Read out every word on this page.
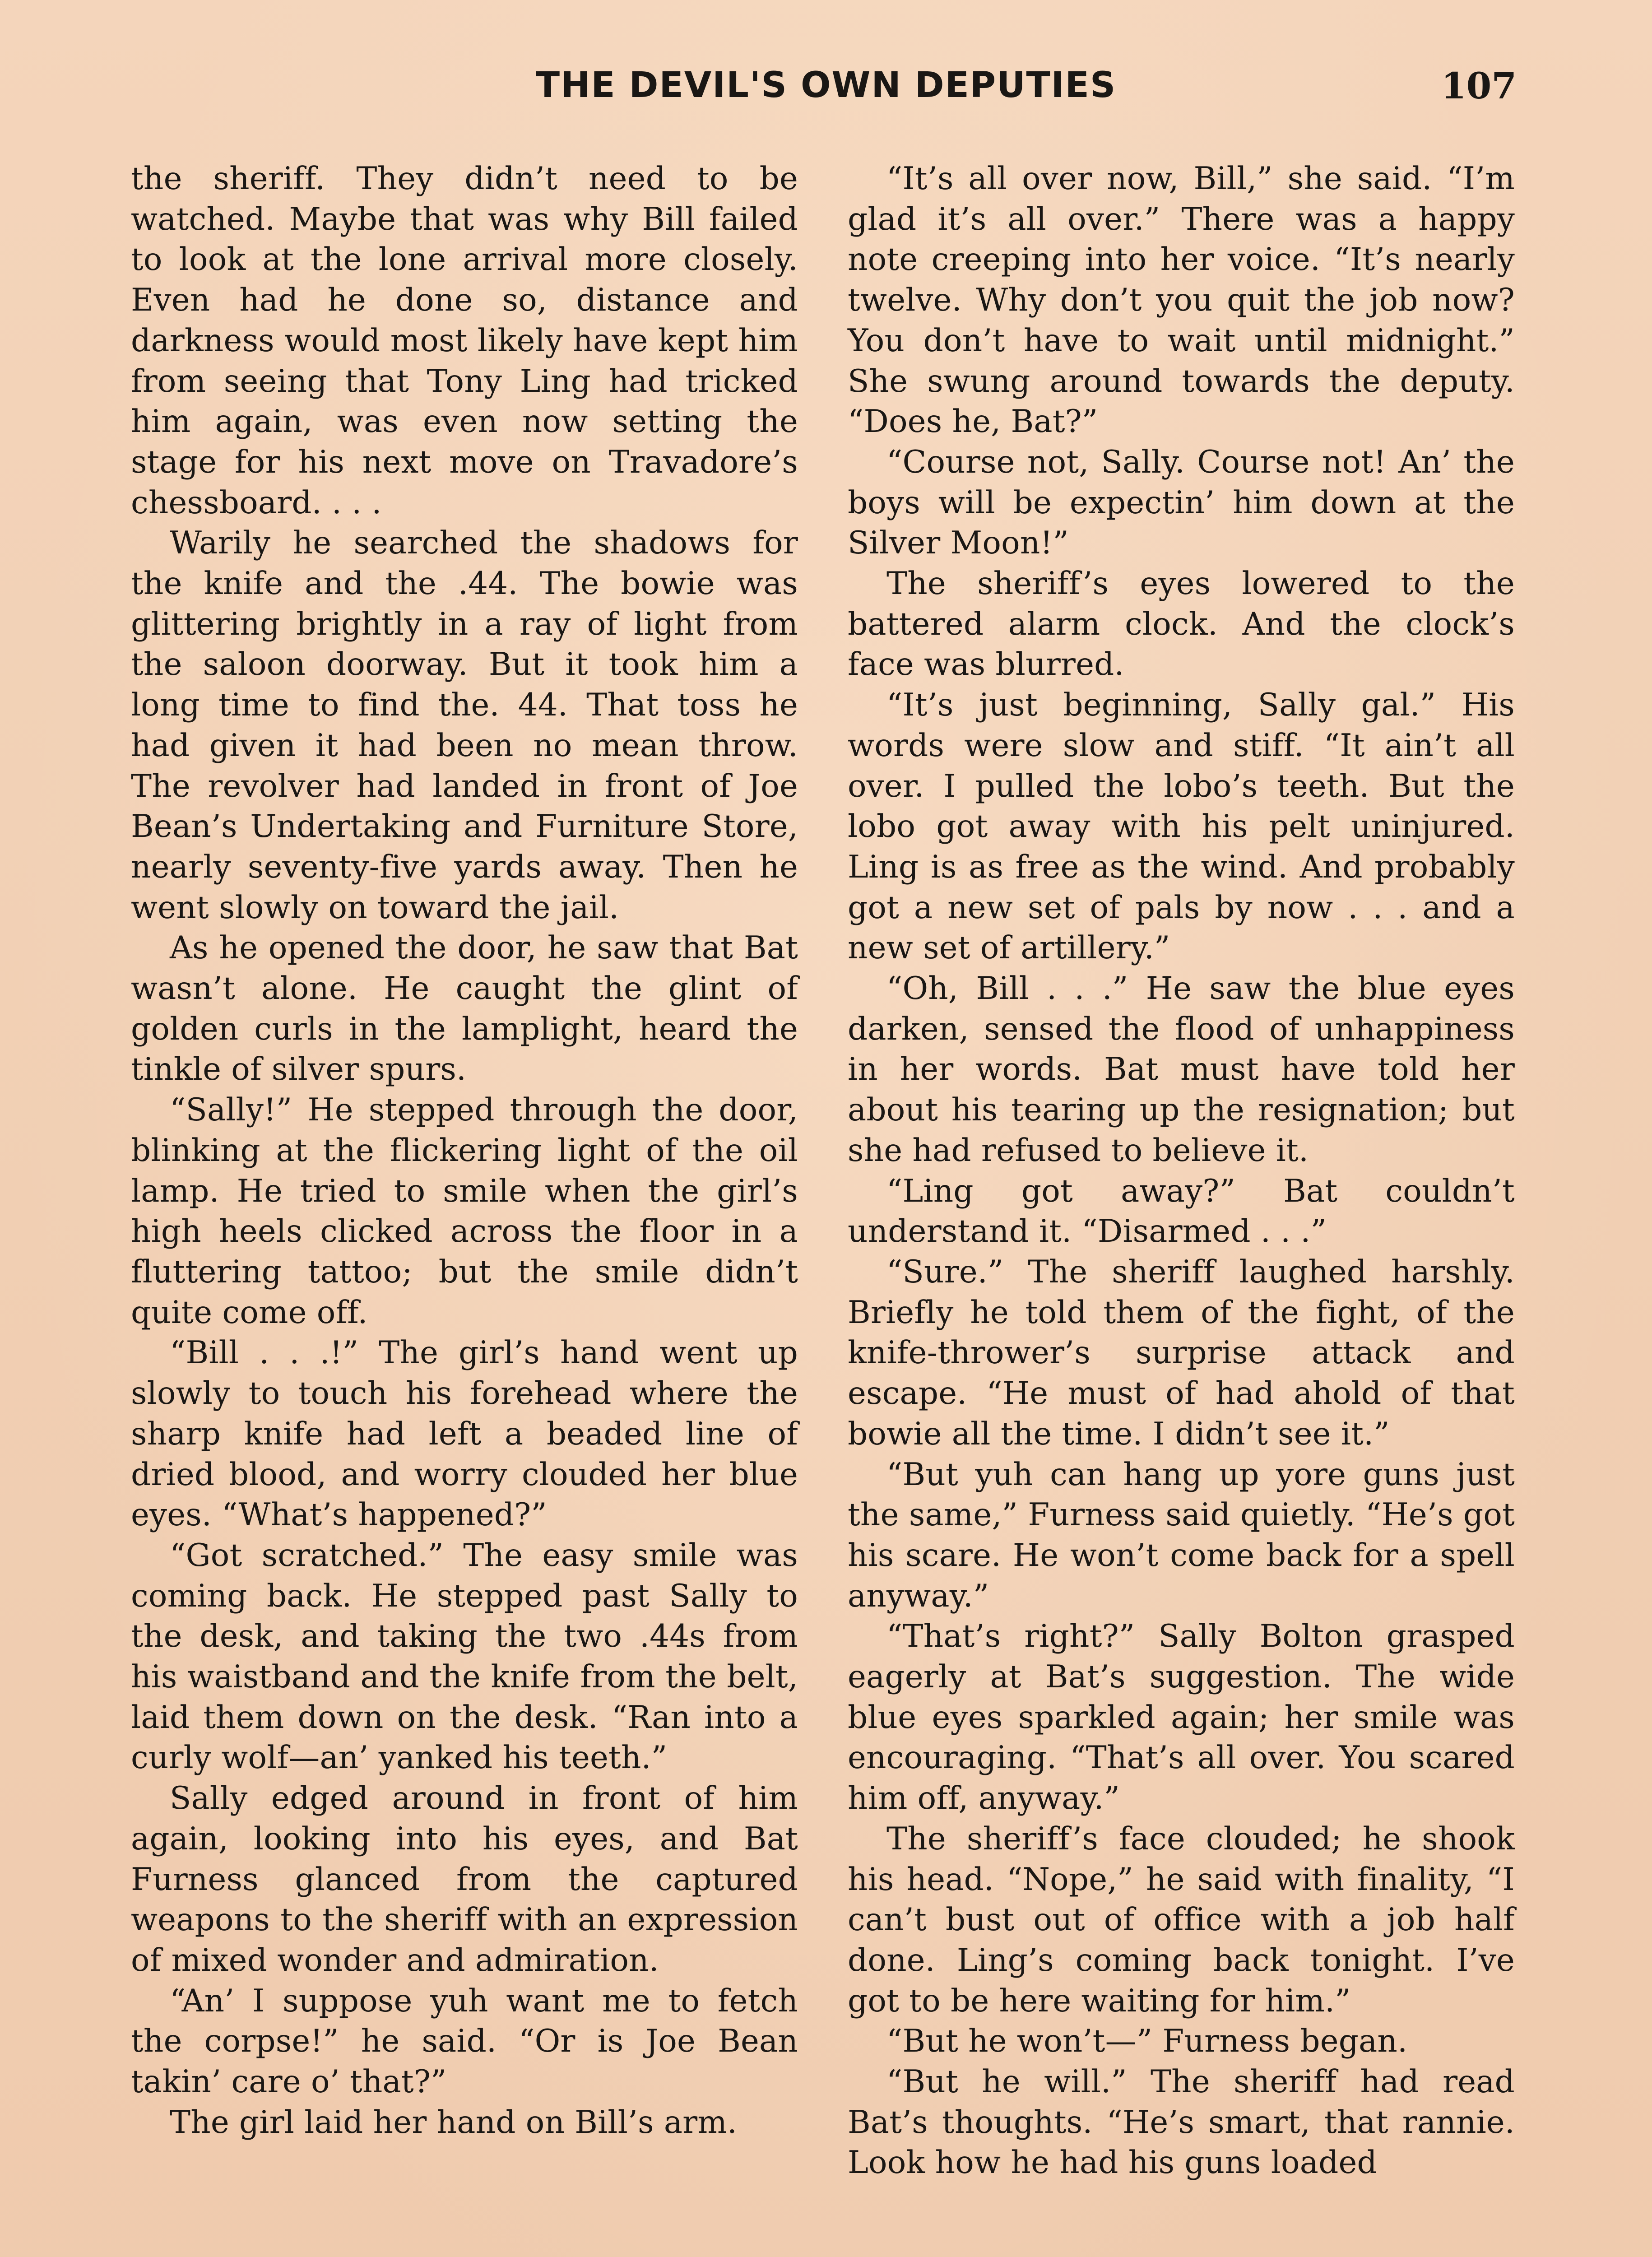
THE DEVIL'S OWN DEPUTIES	107

the sheriff. They didn’t need to be watched. Maybe that was why Bill failed to look at the lone arrival more closely. Even had he done so, distance and darkness would most likely have kept him from seeing that Tony Ling had tricked him again, was even now setting the stage for his next move on Travadore’s chessboard. . . .

Warily he searched the shadows for the knife and the .44. The bowie was glittering brightly in a ray of light from the saloon doorway. But it took him a long time to find the. 44. That toss he had given it had been no mean throw. The revolver had landed in front of Joe Bean’s Undertaking and Furniture Store, nearly seventy-five yards away. Then he went slowly on toward the jail.

As he opened the door, he saw that Bat wasn’t alone. He caught the glint of golden curls in the lamplight, heard the tinkle of silver spurs.

“Sally!” He stepped through the door, blinking at the flickering light of the oil lamp. He tried to smile when the girl’s high heels clicked across the floor in a fluttering tattoo; but the smile didn’t quite come off.

“Bill . . .!” The girl’s hand went up slowly to touch his forehead where the sharp knife had left a beaded line of dried blood, and worry clouded her blue eyes. “What’s happened?”

“Got scratched.” The easy smile was coming back. He stepped past Sally to the desk, and taking the two .44s from his waistband and the knife from the belt, laid them down on the desk. “Ran into a curly wolf—an’ yanked his teeth.”

Sally edged around in front of him again, looking into his eyes, and Bat Furness glanced from the captured weapons to the sheriff with an expression of mixed wonder and admiration.

“An’ I suppose yuh want me to fetch the corpse!” he said. “Or is Joe Bean takin’ care o’ that?”

The girl laid her hand on Bill’s arm.

“It’s all over now, Bill,” she said. “I’m glad it’s all over.” There was a happy note creeping into her voice. “It’s nearly twelve. Why don’t you quit the job now? You don’t have to wait until midnight.” She swung around towards the deputy. “Does he, Bat?”

“Course not, Sally. Course not! An’ the boys will be expectin’ him down at the Silver Moon!”

The sheriff’s eyes lowered to the battered alarm clock. And the clock’s face was blurred.

“It’s just beginning, Sally gal.” His words were slow and stiff. “It ain’t all over. I pulled the lobo’s teeth. But the lobo got away with his pelt uninjured. Ling is as free as the wind. And probably got a new set of pals by now . . . and a new set of artillery.”

“Oh, Bill . . .” He saw the blue eyes darken, sensed the flood of unhappiness in her words. Bat must have told her about his tearing up the resignation; but she had refused to believe it.

“Ling got away?” Bat couldn’t understand it. “Disarmed . . .”

“Sure.” The sheriff laughed harshly. Briefly he told them of the fight, of the knife-thrower’s surprise attack and escape. “He must of had ahold of that bowie all the time. I didn’t see it.”

“But yuh can hang up yore guns just the same,” Furness said quietly. “He’s got his scare. He won’t come back for a spell anyway.”

“That’s right?” Sally Bolton grasped eagerly at Bat’s suggestion. The wide blue eyes sparkled again; her smile was encouraging. “That’s all over. You scared him off, anyway.”

The sheriff’s face clouded; he shook his head. “Nope,” he said with finality, “I can’t bust out of office with a job half done. Ling’s coming back tonight. I’ve got to be here waiting for him.”

“But he won’t—” Furness began.

“But he will.” The sheriff had read Bat’s thoughts. “He’s smart, that rannie. Look how he had his guns loaded
